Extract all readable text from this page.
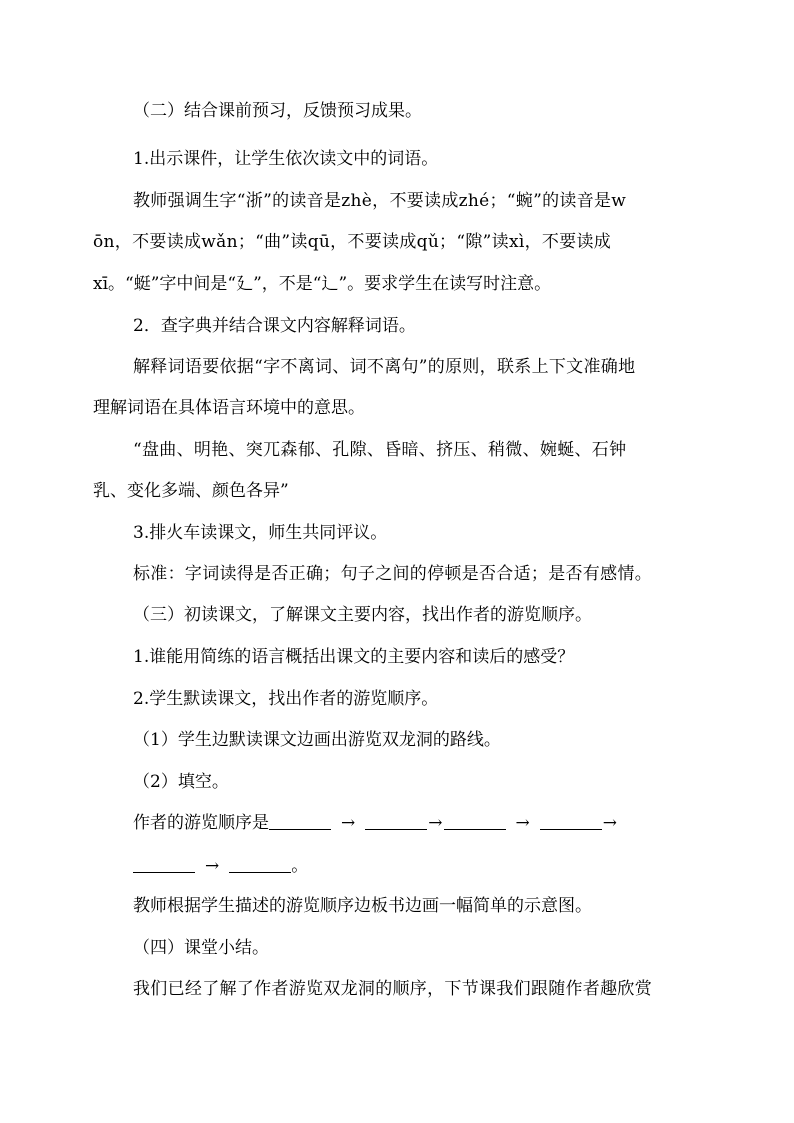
（二）结合课前预习，反馈预习成果。
1.出示课件，让学生依次读文中的词语。
教师强调生字“浙”的读音是zhè，不要读成zhé；“蜿”的读音是w
ōn，不要读成wǎn；“曲”读qū，不要读成qǔ；“隙”读xì，不要读成
xī。“蜓”字中间是“廴”，不是“辶”。要求学生在读写时注意。
2．查字典并结合课文内容解释词语。
解释词语要依据“字不离词、词不离句”的原则，联系上下文准确地
理解词语在具体语言环境中的意思。
“盘曲、明艳、突兀森郁、孔隙、昏暗、挤压、稍微、婉蜒、石钟
乳、变化多端、颜色各异”
3.排火车读课文，师生共同评议。
标准：字词读得是否正确；句子之间的停顿是否合适；是否有感情。
（三）初读课文，了解课文主要内容，找出作者的游览顺序。
1.谁能用简练的语言概括出课文的主要内容和读后的感受？
2.学生默读课文，找出作者的游览顺序。
（1）学生边默读课文边画出游览双龙洞的路线。
（2）填空。
作者的游览顺序是	→	→	→	→
→	。
教师根据学生描述的游览顺序边板书边画一幅简单的示意图。
（四）课堂小结。
我们已经了解了作者游览双龙洞的顺序，下节课我们跟随作者趣欣赏
